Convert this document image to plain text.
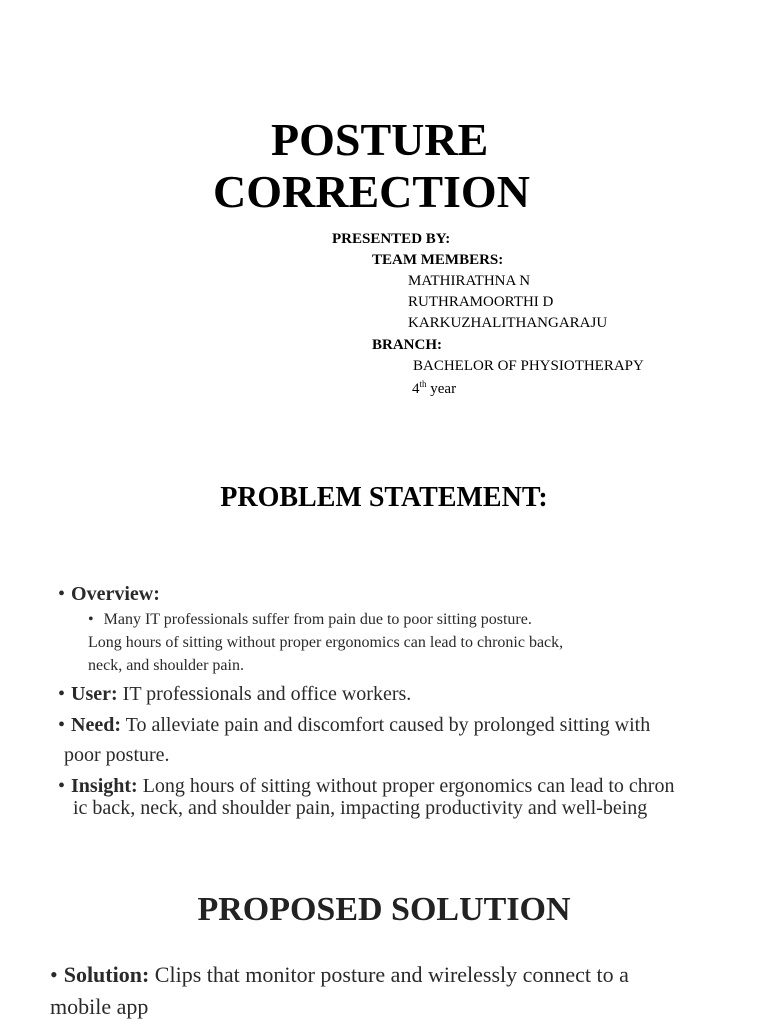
POSTURE
CORRECTION
PRESENTED BY:
TEAM MEMBERS:
MATHIRATHNA N
RUTHRAMOORTHI D
KARKUZHALITHANGARAJU
BRANCH:
BACHELOR OF PHYSIOTHERAPY
4th year
PROBLEM STATEMENT:
• Overview:
• Many IT professionals suffer from pain due to poor sitting posture.
Long hours of sitting without proper ergonomics can lead to chronic back,
neck, and shoulder pain.
• User: IT professionals and office workers.
• Need: To alleviate pain and discomfort caused by prolonged sitting with
poor posture.
• Insight: Long hours of sitting without proper ergonomics can lead to chron
ic back, neck, and shoulder pain, impacting productivity and well-being
PROPOSED SOLUTION
• Solution: Clips that monitor posture and wirelessly connect to a
mobile app
